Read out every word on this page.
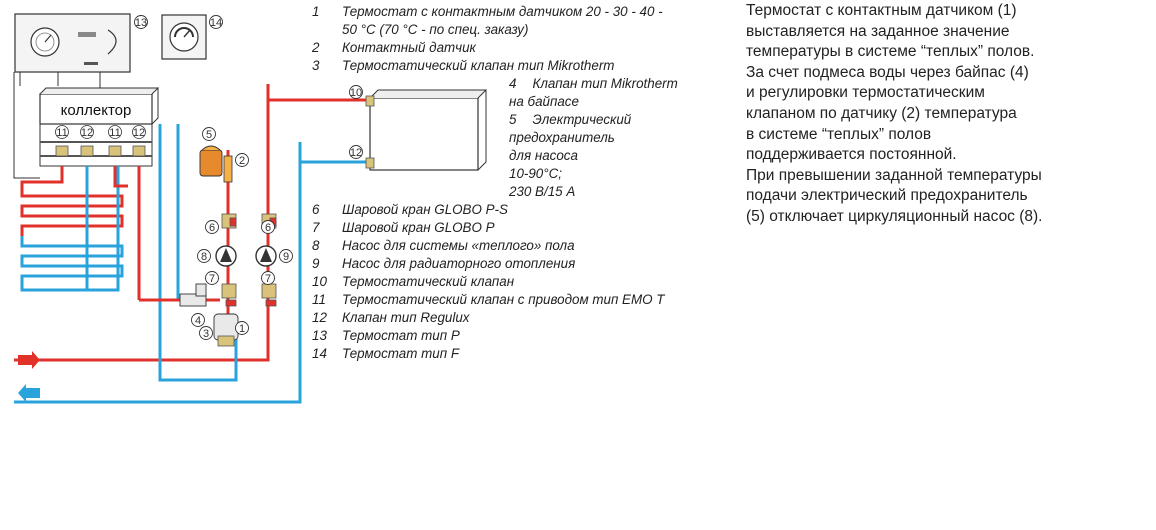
13	14
коллектор
11 12 11 12	5
2
6	6
8	9
7	7
4
3	1
10
12
1 Термостат с контактным датчиком 20 - 30 - 40 -
50 °C (70 °C - по спец. заказу)
2 Контактный датчик
3 Термостатический клапан тип Mikrotherm
4 Клапан тип Mikrotherm
на байпасе
5 Электрический
предохранитель
для насоса
10-90°C;
230 В/15 А
6 Шаровой кран GLOBO P-S
7 Шаровой кран GLOBO P
8 Насос для системы «теплого» пола
9 Насос для радиаторного отопления
10 Термостатический клапан
11 Термостатический клапан с приводом тип ЕМО Т
12 Клапан тип Regulux
13 Термостат тип Р
14 Термостат тип F
Термостат с контактным датчиком (1)
выставляется на заданное значение
температуры в системе “теплых” полов.
За счет подмеса воды через байпас (4)
и регулировки термостатическим
клапаном по датчику (2) температура
в системе “теплых” полов
поддерживается постоянной.
При превышении заданной температуры
подачи электрический предохранитель
(5) отключает циркуляционный насос (8).
